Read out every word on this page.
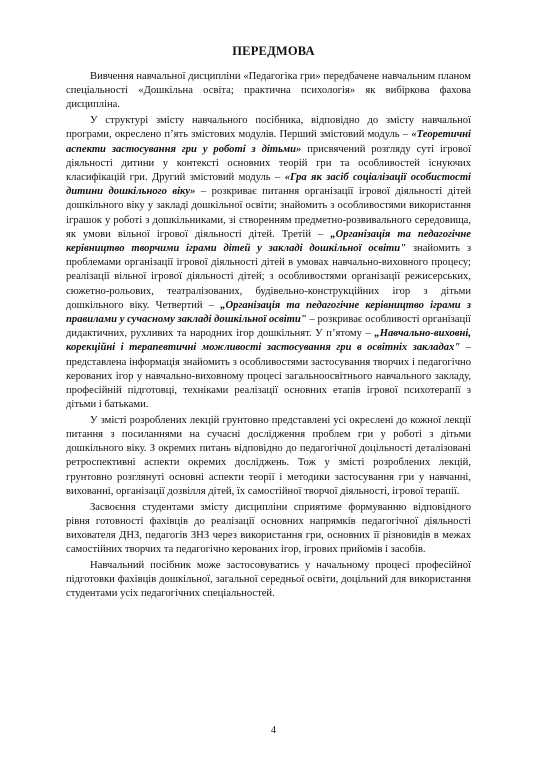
ПЕРЕДМОВА

Вивчення навчальної дисципліни «Педагогіка гри» передбачене навчальним планом спеціальності «Дошкільна освіта; практична психологія» як вибіркова фахова дисципліна.

У структурі змісту навчального посібника, відповідно до змісту навчальної програми, окреслено п’ять змістових модулів. Перший змістовий модуль – «Теоретичні аспекти застосування гри у роботі з дітьми» присвячений розгляду суті ігрової діяльності дитини у контексті основних теорій гри та особливостей існуючих класифікацій гри. Другий змістовий модуль – «Гра як засіб соціалізації особистості дитини дошкільного віку» – розкриває питання організації ігрової діяльності дітей дошкільного віку у закладі дошкільної освіти; знайомить з особливостями використання іграшок у роботі з дошкільниками, зі створенням предметно-розвивального середовища, як умови вільної ігрової діяльності дітей. Третій – „Організація та педагогічне керівництво творчими іграми дітей у закладі дошкільної освіти" знайомить з проблемами організації ігрової діяльності дітей в умовах навчально-виховного процесу; реалізації вільної ігрової діяльності дітей; з особливостями організації режисерських, сюжетно-рольових, театралізованих, будівельно-конструкційних ігор з дітьми дошкільного віку. Четвертий – „Організація та педагогічне керівництво іграми з правилами у сучасному закладі дошкільної освіти" – розкриває особливості організації дидактичних, рухливих та народних ігор дошкільнят. У п’ятому – „Навчально-виховні, корекційні і терапевтичні можливості застосування гри в освітніх закладах" – представлена інформація знайомить з особливостями застосування творчих і педагогічно керованих ігор у навчально-виховному процесі загальноосвітнього навчального закладу, професійній підготовці, техніками реалізації основних етапів ігрової психотерапії з дітьми і батьками.

У змісті розроблених лекцій грунтовно представлені усі окреслені до кожної лекції питання з посиланнями на сучасні дослідження проблем гри у роботі з дітьми дошкільного віку. З окремих питань відповідно до педагогічної доцільності деталізовані ретроспективні аспекти окремих досліджень. Тож у змісті розроблених лекцій, грунтовно розглянуті основні аспекти теорії і методики застосування гри у навчанні, вихованні, організації дозвілля дітей, їх самостійної творчої діяльності, ігрової терапії.

Засвоєння студентами змісту дисципліни сприятиме формуванню відповідного рівня готовності фахівців до реалізації основних напрямків педагогічної діяльності вихователя ДНЗ, педагогів ЗНЗ через використання гри, основних її різновидів в межах самостійних творчих та педагогічно керованих ігор, ігрових прийомів і засобів.

Навчальний посібник може застосовуватись у начальному процесі професійної підготовки фахівців дошкільної, загальної середньої освіти, доцільний для використання студентами усіх педагогічних спеціальностей.

4
